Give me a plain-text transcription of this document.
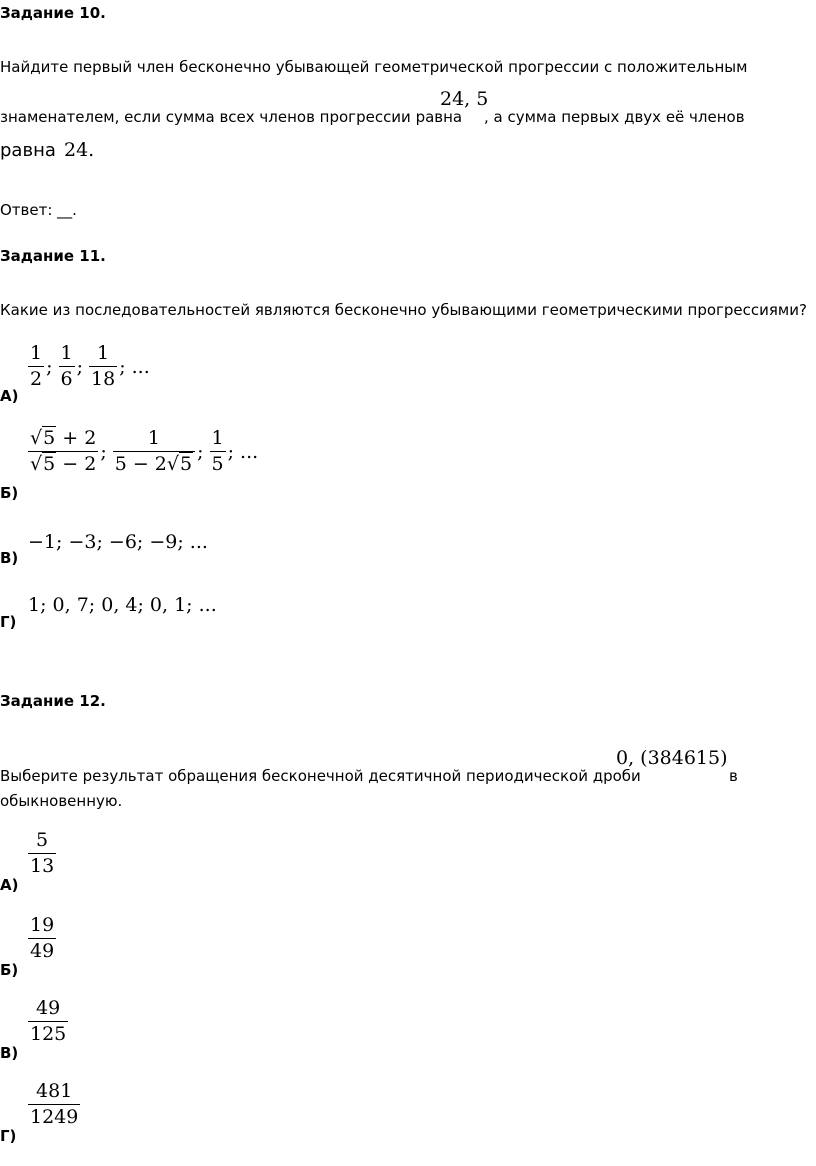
Задание 10.
Найдите первый член бесконечно убывающей геометрической прогрессии с положительным
знаменателем, если сумма всех членов прогрессии равна
24, 5
, а сумма первых двух её членов
равна 24.
Ответ: __.
Задание 11.
Какие из последовательностей являются бесконечно убывающими геометрическими прогрессиями?
А)
$\frac{1}{2}$ ; $\frac{1}{6}$ ; $\frac{1}{18}$ ; ...
Б)
$\frac{√5 + 2}{√5 - 2}$ ; $\frac{1}{5 - 2√5}$ ; $\frac{1}{5}$ ; ...
В)
−1; −3; −6; −9; ...
Г)
1; 0, 7; 0, 4; 0, 1; ...
Задание 12.
Выберите результат обращения бесконечной десятичной периодической дроби
0, (384615)
в
обыкновенную.
А)
$\frac{5}{13}$
Б)
$\frac{19}{49}$
В)
$\frac{49}{125}$
Г)
$\frac{481}{1249}$
